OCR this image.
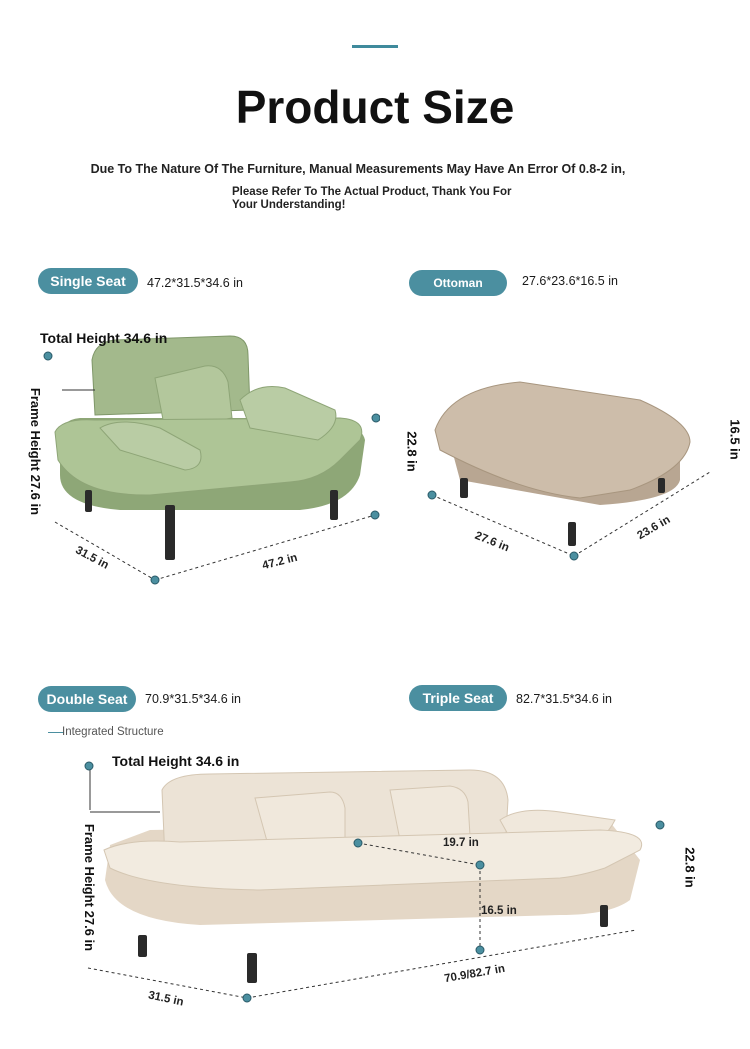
Product Size
Due To The Nature Of The Furniture, Manual Measurements May Have An Error Of 0.8-2 in,
Please Refer To The Actual Product, Thank You For Your Understanding!
Single Seat	47.2*31.5*34.6 in	Ottoman	27.6*23.6*16.5 in
Total Height 34.6 in
Frame Height 27.6 in
31.5 in	47.2 in
22.8 in	16.5 in
27.6 in	23.6 in
Double Seat	70.9*31.5*34.6 in	Triple Seat	82.7*31.5*34.6 in
Integrated Structure
Total Height 34.6 in
Frame Height 27.6 in	19.7 in
16.5 in
22.8 in
31.5 in
70.9/82.7 in
